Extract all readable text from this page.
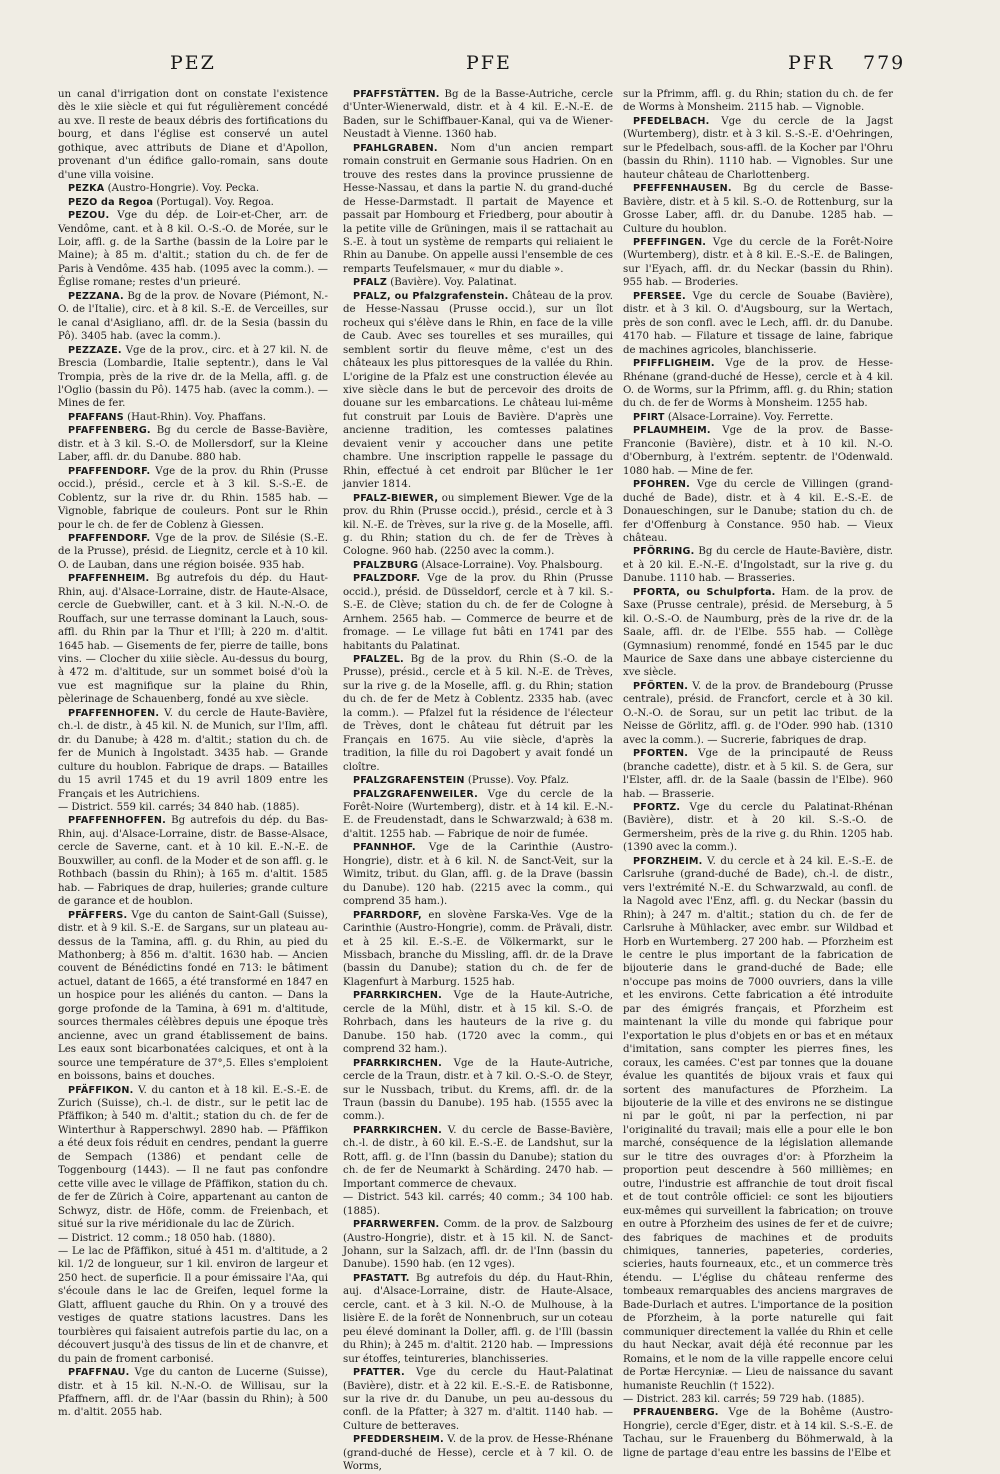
PEZ	PFE	PFR 779

un canal d'irrigation dont on constate l'existence dès le xiie siècle et qui fut régulièrement concédé au xve. Il reste de beaux débris des fortifications du bourg, et dans l'église est conservé un autel gothique, avec attributs de Diane et d'Apollon, provenant d'un édifice gallo-romain, sans doute d'une villa voisine.

PEZKA (Austro-Hongrie). Voy. Pecka.

PEZO da Regoa (Portugal). Voy. Regoa.

PEZOU. Vge du dép. de Loir-et-Cher, arr. de Vendôme, cant. et à 8 kil. O.-S.-O. de Morée, sur le Loir, affl. g. de la Sarthe (bassin de la Loire par le Maine); à 85 m. d'altit.; station du ch. de fer de Paris à Vendôme. 435 hab. (1095 avec la comm.). — Église romane; restes d'un prieuré.

PEZZANA. Bg de la prov. de Novare (Piémont, N.-O. de l'Italie), circ. et à 8 kil. S.-E. de Verceilles, sur le canal d'Asigliano, affl. dr. de la Sesia (bassin du Pô). 3405 hab. (avec la comm.).

PEZZAZE. Vge de la prov., circ. et à 27 kil. N. de Brescia (Lombardie, Italie septentr.), dans le Val Trompia, près de la rive dr. de la Mella, affl. g. de l'Oglio (bassin du Pô). 1475 hab. (avec la comm.). — Mines de fer.

PFAFFANS (Haut-Rhin). Voy. Phaffans.

PFAFFENBERG. Bg du cercle de Basse-Bavière, distr. et à 3 kil. S.-O. de Mollersdorf, sur la Kleine Laber, affl. dr. du Danube. 880 hab.

PFAFFENDORF. Vge de la prov. du Rhin (Prusse occid.), présid., cercle et à 3 kil. S.-S.-E. de Coblentz, sur la rive dr. du Rhin. 1585 hab. — Vignoble, fabrique de couleurs. Pont sur le Rhin pour le ch. de fer de Coblenz à Giessen.

PFAFFENDORF. Vge de la prov. de Silésie (S.-E. de la Prusse), présid. de Liegnitz, cercle et à 10 kil. O. de Lauban, dans une région boisée. 935 hab.

PFAFFENHEIM. Bg autrefois du dép. du Haut-Rhin, auj. d'Alsace-Lorraine, distr. de Haute-Alsace, cercle de Guebwiller, cant. et à 3 kil. N.-N.-O. de Rouffach, sur une terrasse dominant la Lauch, sous-affl. du Rhin par la Thur et l'Ill; à 220 m. d'altit. 1645 hab. — Gisements de fer, pierre de taille, bons vins. — Clocher du xiiie siècle. Au-dessus du bourg, à 472 m. d'altitude, sur un sommet boisé d'où la vue est magnifique sur la plaine du Rhin, pèlerinage de Schauenberg, fondé au xve siècle.

PFAFFENHOFEN. V. du cercle de Haute-Bavière, ch.-l. de distr., à 45 kil. N. de Munich, sur l'Ilm, affl. dr. du Danube; à 428 m. d'altit.; station du ch. de fer de Munich à Ingolstadt. 3435 hab. — Grande culture du houblon. Fabrique de draps. — Batailles du 15 avril 1745 et du 19 avril 1809 entre les Français et les Autrichiens.

— District. 559 kil. carrés; 34 840 hab. (1885).

PFAFFENHOFFEN. Bg autrefois du dép. du Bas-Rhin, auj. d'Alsace-Lorraine, distr. de Basse-Alsace, cercle de Saverne, cant. et à 10 kil. E.-N.-E. de Bouxwiller, au confl. de la Moder et de son affl. g. le Rothbach (bassin du Rhin); à 165 m. d'altit. 1585 hab. — Fabriques de drap, huileries; grande culture de garance et de houblon.

PFÄFFERS. Vge du canton de Saint-Gall (Suisse), distr. et à 9 kil. S.-E. de Sargans, sur un plateau au-dessus de la Tamina, affl. g. du Rhin, au pied du Mathonberg; à 856 m. d'altit. 1630 hab. — Ancien couvent de Bénédictins fondé en 713: le bâtiment actuel, datant de 1665, a été transformé en 1847 en un hospice pour les aliénés du canton. — Dans la gorge profonde de la Tamina, à 691 m. d'altitude, sources thermales célèbres depuis une époque très ancienne, avec un grand établissement de bains. Les eaux sont bicarbonatées calciques, et ont à la source une température de 37°,5. Elles s'emploient en boissons, bains et douches.

PFÄFFIKON. V. du canton et à 18 kil. E.-S.-E. de Zurich (Suisse), ch.-l. de distr., sur le petit lac de Pfäffikon; à 540 m. d'altit.; station du ch. de fer de Winterthur à Rapperschwyl. 2890 hab. — Pfäffikon a été deux fois réduit en cendres, pendant la guerre de Sempach (1386) et pendant celle de Toggenbourg (1443). — Il ne faut pas confondre cette ville avec le village de Pfäffikon, station du ch. de fer de Zürich à Coire, appartenant au canton de Schwyz, distr. de Höfe, comm. de Freienbach, et situé sur la rive méridionale du lac de Zürich.

— District. 12 comm.; 18 050 hab. (1880).

— Le lac de Pfäffikon, situé à 451 m. d'altitude, a 2 kil. 1/2 de longueur, sur 1 kil. environ de largeur et 250 hect. de superficie. Il a pour émissaire l'Aa, qui s'écoule dans le lac de Greifen, lequel forme la Glatt, affluent gauche du Rhin. On y a trouvé des vestiges de quatre stations lacustres. Dans les tourbières qui faisaient autrefois partie du lac, on a découvert jusqu'à des tissus de lin et de chanvre, et du pain de froment carbonisé.

PFAFFNAU. Vge du canton de Lucerne (Suisse), distr. et à 15 kil. N.-N.-O. de Willisau, sur la Pfaffnern, affl. dr. de l'Aar (bassin du Rhin); à 500 m. d'altit. 2055 hab.

PFAFFSTÄTTEN. Bg de la Basse-Autriche, cercle d'Unter-Wienerwald, distr. et à 4 kil. E.-N.-E. de Baden, sur le Schiffbauer-Kanal, qui va de Wiener-Neustadt à Vienne. 1360 hab.

PFAHLGRABEN. Nom d'un ancien rempart romain construit en Germanie sous Hadrien. On en trouve des restes dans la province prussienne de Hesse-Nassau, et dans la partie N. du grand-duché de Hesse-Darmstadt. Il partait de Mayence et passait par Hombourg et Friedberg, pour aboutir à la petite ville de Grüningen, mais il se rattachait au S.-E. à tout un système de remparts qui reliaient le Rhin au Danube. On appelle aussi l'ensemble de ces remparts Teufelsmauer, « mur du diable ».

PFALZ (Bavière). Voy. Palatinat.

PFALZ, ou Pfalzgrafenstein. Château de la prov. de Hesse-Nassau (Prusse occid.), sur un îlot rocheux qui s'élève dans le Rhin, en face de la ville de Caub. Avec ses tourelles et ses murailles, qui semblent sortir du fleuve même, c'est un des châteaux les plus pittoresques de la vallée du Rhin. L'origine de la Pfalz est une construction élevée au xive siècle dans le but de percevoir des droits de douane sur les embarcations. Le château lui-même fut construit par Louis de Bavière. D'après une ancienne tradition, les comtesses palatines devaient venir y accoucher dans une petite chambre. Une inscription rappelle le passage du Rhin, effectué à cet endroit par Blücher le 1er janvier 1814.

PFALZ-BIEWER, ou simplement Biewer. Vge de la prov. du Rhin (Prusse occid.), présid., cercle et à 3 kil. N.-E. de Trèves, sur la rive g. de la Moselle, affl. g. du Rhin; station du ch. de fer de Trèves à Cologne. 960 hab. (2250 avec la comm.).

PFALZBURG (Alsace-Lorraine). Voy. Phalsbourg.

PFALZDORF. Vge de la prov. du Rhin (Prusse occid.), présid. de Düsseldorf, cercle et à 7 kil. S.-S.-E. de Clève; station du ch. de fer de Cologne à Arnhem. 2565 hab. — Commerce de beurre et de fromage. — Le village fut bâti en 1741 par des habitants du Palatinat.

PFALZEL. Bg de la prov. du Rhin (S.-O. de la Prusse), présid., cercle et à 5 kil. N.-E. de Trèves, sur la rive g. de la Moselle, affl. g. du Rhin; station du ch. de fer de Metz à Coblentz. 2335 hab. (avec la comm.). — Pfalzel fut la résidence de l'électeur de Trèves, dont le château fut détruit par les Français en 1675. Au viie siècle, d'après la tradition, la fille du roi Dagobert y avait fondé un cloître.

PFALZGRAFENSTEIN (Prusse). Voy. Pfalz.

PFALZGRAFENWEILER. Vge du cercle de la Forêt-Noire (Wurtemberg), distr. et à 14 kil. E.-N.-E. de Freudenstadt, dans le Schwarzwald; à 638 m. d'altit. 1255 hab. — Fabrique de noir de fumée.

PFANNHOF. Vge de la Carinthie (Austro-Hongrie), distr. et à 6 kil. N. de Sanct-Veit, sur la Wimitz, tribut. du Glan, affl. g. de la Drave (bassin du Danube). 120 hab. (2215 avec la comm., qui comprend 35 ham.).

PFARRDORF, en slovène Farska-Ves. Vge de la Carinthie (Austro-Hongrie), comm. de Prävali, distr. et à 25 kil. E.-S.-E. de Völkermarkt, sur le Missbach, branche du Missling, affl. dr. de la Drave (bassin du Danube); station du ch. de fer de Klagenfurt à Marburg. 1525 hab.

PFARRKIRCHEN. Vge de la Haute-Autriche, cercle de la Mühl, distr. et à 15 kil. S.-O. de Rohrbach, dans les hauteurs de la rive g. du Danube. 150 hab. (1720 avec la comm., qui comprend 32 ham.).

PFARRKIRCHEN. Vge de la Haute-Autriche, cercle de la Traun, distr. et à 7 kil. O.-S.-O. de Steyr, sur le Nussbach, tribut. du Krems, affl. dr. de la Traun (bassin du Danube). 195 hab. (1555 avec la comm.).

PFARRKIRCHEN. V. du cercle de Basse-Bavière, ch.-l. de distr., à 60 kil. E.-S.-E. de Landshut, sur la Rott, affl. g. de l'Inn (bassin du Danube); station du ch. de fer de Neumarkt à Schärding. 2470 hab. — Important commerce de chevaux.

— District. 543 kil. carrés; 40 comm.; 34 100 hab. (1885).

PFARRWERFEN. Comm. de la prov. de Salzbourg (Austro-Hongrie), distr. et à 15 kil. N. de Sanct-Johann, sur la Salzach, affl. dr. de l'Inn (bassin du Danube). 1590 hab. (en 12 vges).

PFASTATT. Bg autrefois du dép. du Haut-Rhin, auj. d'Alsace-Lorraine, distr. de Haute-Alsace, cercle, cant. et à 3 kil. N.-O. de Mulhouse, à la lisière E. de la forêt de Nonnenbruch, sur un coteau peu élevé dominant la Doller, affl. g. de l'Ill (bassin du Rhin); à 245 m. d'altit. 2120 hab. — Impressions sur étoffes, teintureries, blanchisseries.

PFATTER. Vge du cercle du Haut-Palatinat (Bavière), distr. et à 22 kil. E.-S.-E. de Ratisbonne, sur la rive dr. du Danube, un peu au-dessous du confl. de la Pfatter; à 327 m. d'altit. 1140 hab. — Culture de betteraves.

PFEDDERSHEIM. V. de la prov. de Hesse-Rhénane (grand-duché de Hesse), cercle et à 7 kil. O. de Worms,

sur la Pfrimm, affl. g. du Rhin; station du ch. de fer de Worms à Monsheim. 2115 hab. — Vignoble.

PFEDELBACH. Vge du cercle de la Jagst (Wurtemberg), distr. et à 3 kil. S.-S.-E. d'Oehringen, sur le Pfedelbach, sous-affl. de la Kocher par l'Ohru (bassin du Rhin). 1110 hab. — Vignobles. Sur une hauteur château de Charlottenberg.

PFEFFENHAUSEN. Bg du cercle de Basse-Bavière, distr. et à 5 kil. S.-O. de Rottenburg, sur la Grosse Laber, affl. dr. du Danube. 1285 hab. — Culture du houblon.

PFEFFINGEN. Vge du cercle de la Forêt-Noire (Wurtemberg), distr. et à 8 kil. E.-S.-E. de Balingen, sur l'Eyach, affl. dr. du Neckar (bassin du Rhin). 955 hab. — Broderies.

PFERSEE. Vge du cercle de Souabe (Bavière), distr. et à 3 kil. O. d'Augsbourg, sur la Wertach, près de son confl. avec le Lech, affl. dr. du Danube. 4170 hab. — Filature et tissage de laine, fabrique de machines agricoles, blanchisserie.

PFIFFLIGHEIM. Vge de la prov. de Hesse-Rhénane (grand-duché de Hesse), cercle et à 4 kil. O. de Worms, sur la Pfrimm, affl. g. du Rhin; station du ch. de fer de Worms à Monsheim. 1255 hab.

PFIRT (Alsace-Lorraine). Voy. Ferrette.

PFLAUMHEIM. Vge de la prov. de Basse-Franconie (Bavière), distr. et à 10 kil. N.-O. d'Obernburg, à l'extrém. septentr. de l'Odenwald. 1080 hab. — Mine de fer.

PFOHREN. Vge du cercle de Villingen (grand-duché de Bade), distr. et à 4 kil. E.-S.-E. de Donaueschingen, sur le Danube; station du ch. de fer d'Offenburg à Constance. 950 hab. — Vieux château.

PFÖRRING. Bg du cercle de Haute-Bavière, distr. et à 20 kil. E.-N.-E. d'Ingolstadt, sur la rive g. du Danube. 1110 hab. — Brasseries.

PFORTA, ou Schulpforta. Ham. de la prov. de Saxe (Prusse centrale), présid. de Merseburg, à 5 kil. O.-S.-O. de Naumburg, près de la rive dr. de la Saale, affl. dr. de l'Elbe. 555 hab. — Collège (Gymnasium) renommé, fondé en 1545 par le duc Maurice de Saxe dans une abbaye cistercienne du xve siècle.

PFÖRTEN. V. de la prov. de Brandebourg (Prusse centrale), présid. de Francfort, cercle et à 30 kil. O.-N.-O. de Sorau, sur un petit lac tribut. de la Neisse de Görlitz, affl. g. de l'Oder. 990 hab. (1310 avec la comm.). — Sucrerie, fabriques de drap.

PFORTEN. Vge de la principauté de Reuss (branche cadette), distr. et à 5 kil. S. de Gera, sur l'Elster, affl. dr. de la Saale (bassin de l'Elbe). 960 hab. — Brasserie.

PFORTZ. Vge du cercle du Palatinat-Rhénan (Bavière), distr. et à 20 kil. S.-S.-O. de Germersheim, près de la rive g. du Rhin. 1205 hab. (1390 avec la comm.).

PFORZHEIM. V. du cercle et à 24 kil. E.-S.-E. de Carlsruhe (grand-duché de Bade), ch.-l. de distr., vers l'extrémité N.-E. du Schwarzwald, au confl. de la Nagold avec l'Enz, affl. g. du Neckar (bassin du Rhin); à 247 m. d'altit.; station du ch. de fer de Carlsruhe à Mühlacker, avec embr. sur Wildbad et Horb en Wurtemberg. 27 200 hab. — Pforzheim est le centre le plus important de la fabrication de bijouterie dans le grand-duché de Bade; elle n'occupe pas moins de 7000 ouvriers, dans la ville et les environs. Cette fabrication a été introduite par des émigrés français, et Pforzheim est maintenant la ville du monde qui fabrique pour l'exportation le plus d'objets en or bas et en métaux d'imitation, sans compter les pierres fines, les coraux, les camées. C'est par tonnes que la douane évalue les quantités de bijoux vrais et faux qui sortent des manufactures de Pforzheim. La bijouterie de la ville et des environs ne se distingue ni par le goût, ni par la perfection, ni par l'originalité du travail; mais elle a pour elle le bon marché, conséquence de la législation allemande sur le titre des ouvrages d'or: à Pforzheim la proportion peut descendre à 560 millièmes; en outre, l'industrie est affranchie de tout droit fiscal et de tout contrôle officiel: ce sont les bijoutiers eux-mêmes qui surveillent la fabrication; on trouve en outre à Pforzheim des usines de fer et de cuivre; des fabriques de machines et de produits chimiques, tanneries, papeteries, corderies, scieries, hauts fourneaux, etc., et un commerce très étendu. — L'église du château renferme des tombeaux remarquables des anciens margraves de Bade-Durlach et autres. L'importance de la position de Pforzheim, à la porte naturelle qui fait communiquer directement la vallée du Rhin et celle du haut Neckar, avait déjà été reconnue par les Romains, et le nom de la ville rappelle encore celui de Portæ Hercyniæ. — Lieu de naissance du savant humaniste Reuchlin († 1522).

— District. 283 kil. carrés; 59 729 hab. (1885).

PFRAUENBERG. Vge de la Bohême (Austro-Hongrie), cercle d'Eger, distr. et à 14 kil. S.-S.-E. de Tachau, sur le Frauenberg du Böhmerwald, à la ligne de partage d'eau entre les bassins de l'Elbe et
